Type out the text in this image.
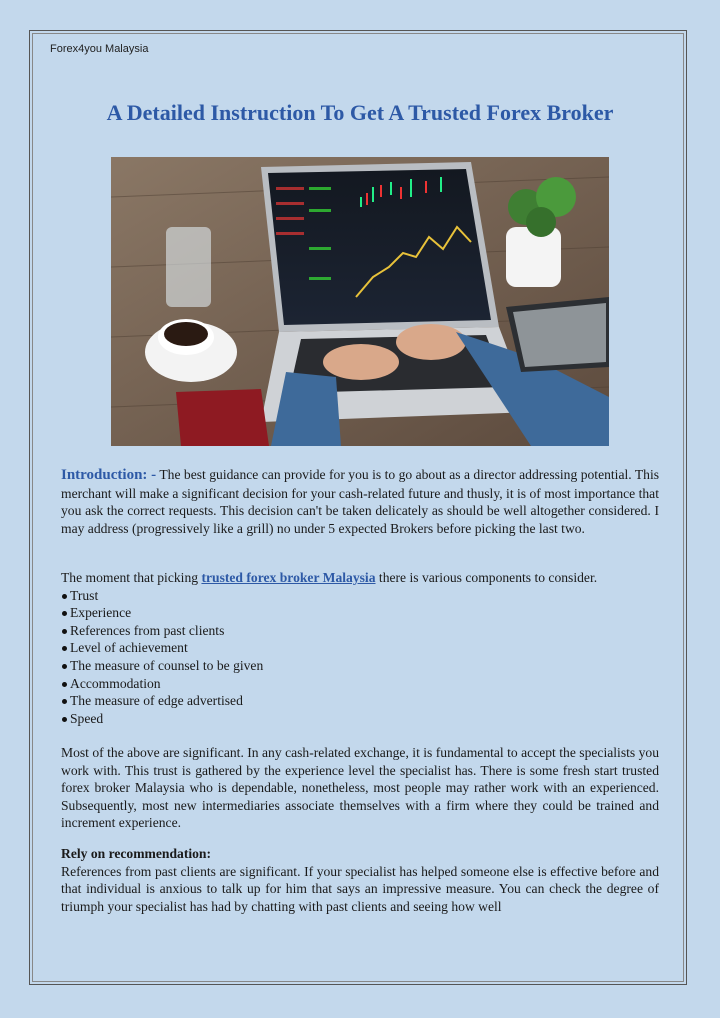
Forex4you Malaysia
A Detailed Instruction To Get A Trusted Forex Broker
Introduction: - The best guidance can provide for you is to go about as a director addressing potential. This merchant will make a significant decision for your cash-related future and thusly, it is of most importance that you ask the correct requests. This decision can't be taken delicately as should be well altogether considered. I may address (progressively like a grill) no under 5 expected Brokers before picking the last two.
The moment that picking trusted forex broker Malaysia there is various components to consider.
Trust
Experience
References from past clients
Level of achievement
The measure of counsel to be given
Accommodation
The measure of edge advertised
Speed
Most of the above are significant. In any cash-related exchange, it is fundamental to accept the specialists you work with. This trust is gathered by the experience level the specialist has. There is some fresh start trusted forex broker Malaysia who is dependable, nonetheless, most people may rather work with an experienced. Subsequently, most new intermediaries associate themselves with a firm where they could be trained and increment experience.
Rely on recommendation:
References from past clients are significant. If your specialist has helped someone else is effective before and that individual is anxious to talk up for him that says an impressive measure. You can check the degree of triumph your specialist has had by chatting with past clients and seeing how well
